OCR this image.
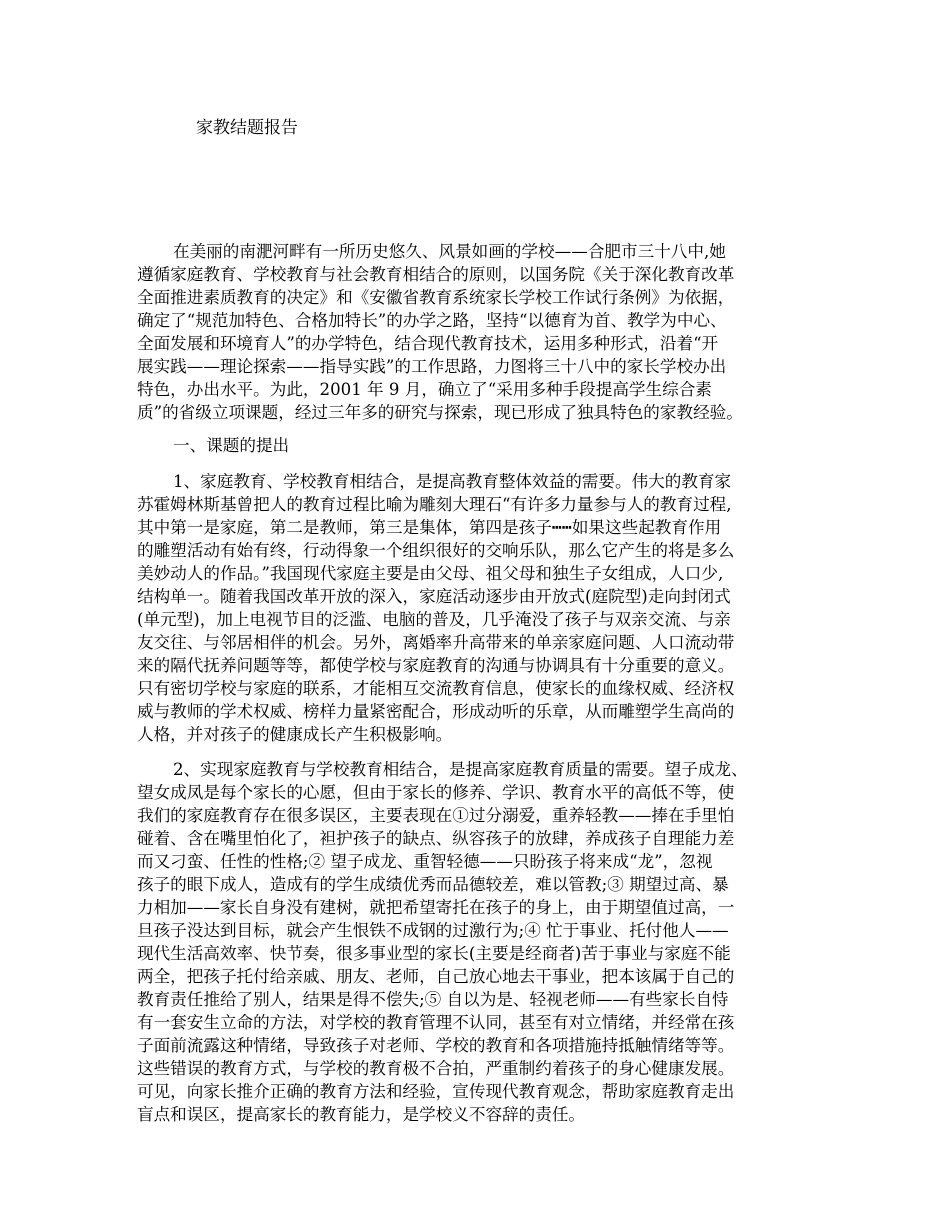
家教结题报告
在美丽的南淝河畔有一所历史悠久、风景如画的学校——合肥市三十八中,她
遵循家庭教育、学校教育与社会教育相结合的原则，以国务院《关于深化教育改革
全面推进素质教育的决定》和《安徽省教育系统家长学校工作试行条例》为依据，
确定了“规范加特色、合格加特长”的办学之路，坚持“以德育为首、教学为中心、
全面发展和环境育人”的办学特色，结合现代教育技术，运用多种形式，沿着“开
展实践——理论探索——指导实践”的工作思路，力图将三十八中的家长学校办出
特色，办出水平。为此，2001 年 9 月，确立了“采用多种手段提高学生综合素
质”的省级立项课题，经过三年多的研究与探索，现已形成了独具特色的家教经验。
一、课题的提出
1、家庭教育、学校教育相结合，是提高教育整体效益的需要。伟大的教育家
苏霍姆林斯基曾把人的教育过程比喻为雕刻大理石“有许多力量参与人的教育过程,
其中第一是家庭，第二是教师，第三是集体，第四是孩子┅┅如果这些起教育作用
的雕塑活动有始有终，行动得象一个组织很好的交响乐队，那么它产生的将是多么
美妙动人的作品。”我国现代家庭主要是由父母、祖父母和独生子女组成，人口少,
结构单一。随着我国改革开放的深入，家庭活动逐步由开放式(庭院型)走向封闭式
(单元型)，加上电视节目的泛滥、电脑的普及，几乎淹没了孩子与双亲交流、与亲
友交往、与邻居相伴的机会。另外，离婚率升高带来的单亲家庭问题、人口流动带
来的隔代抚养问题等等，都使学校与家庭教育的沟通与协调具有十分重要的意义。
只有密切学校与家庭的联系，才能相互交流教育信息，使家长的血缘权威、经济权
威与教师的学术权威、榜样力量紧密配合，形成动听的乐章，从而雕塑学生高尚的
人格，并对孩子的健康成长产生积极影响。
2、实现家庭教育与学校教育相结合，是提高家庭教育质量的需要。望子成龙、
望女成凤是每个家长的心愿，但由于家长的修养、学识、教育水平的高低不等，使
我们的家庭教育存在很多误区，主要表现在①过分溺爱，重养轻教——捧在手里怕
碰着、含在嘴里怕化了，袒护孩子的缺点、纵容孩子的放肆，养成孩子自理能力差
而又刁蛮、任性的性格;② 望子成龙、重智轻德——只盼孩子将来成“龙”，忽视
孩子的眼下成人，造成有的学生成绩优秀而品德较差，难以管教;③ 期望过高、暴
力相加——家长自身没有建树，就把希望寄托在孩子的身上，由于期望值过高，一
旦孩子没达到目标，就会产生恨铁不成钢的过激行为;④ 忙于事业、托付他人——
现代生活高效率、快节奏，很多事业型的家长(主要是经商者)苦于事业与家庭不能
两全，把孩子托付给亲戚、朋友、老师，自己放心地去干事业，把本该属于自己的
教育责任推给了别人，结果是得不偿失;⑤ 自以为是、轻视老师——有些家长自恃
有一套安生立命的方法，对学校的教育管理不认同，甚至有对立情绪，并经常在孩
子面前流露这种情绪，导致孩子对老师、学校的教育和各项措施持抵触情绪等等。
这些错误的教育方式，与学校的教育极不合拍，严重制约着孩子的身心健康发展。
可见，向家长推介正确的教育方法和经验，宣传现代教育观念，帮助家庭教育走出
盲点和误区，提高家长的教育能力，是学校义不容辞的责任。
